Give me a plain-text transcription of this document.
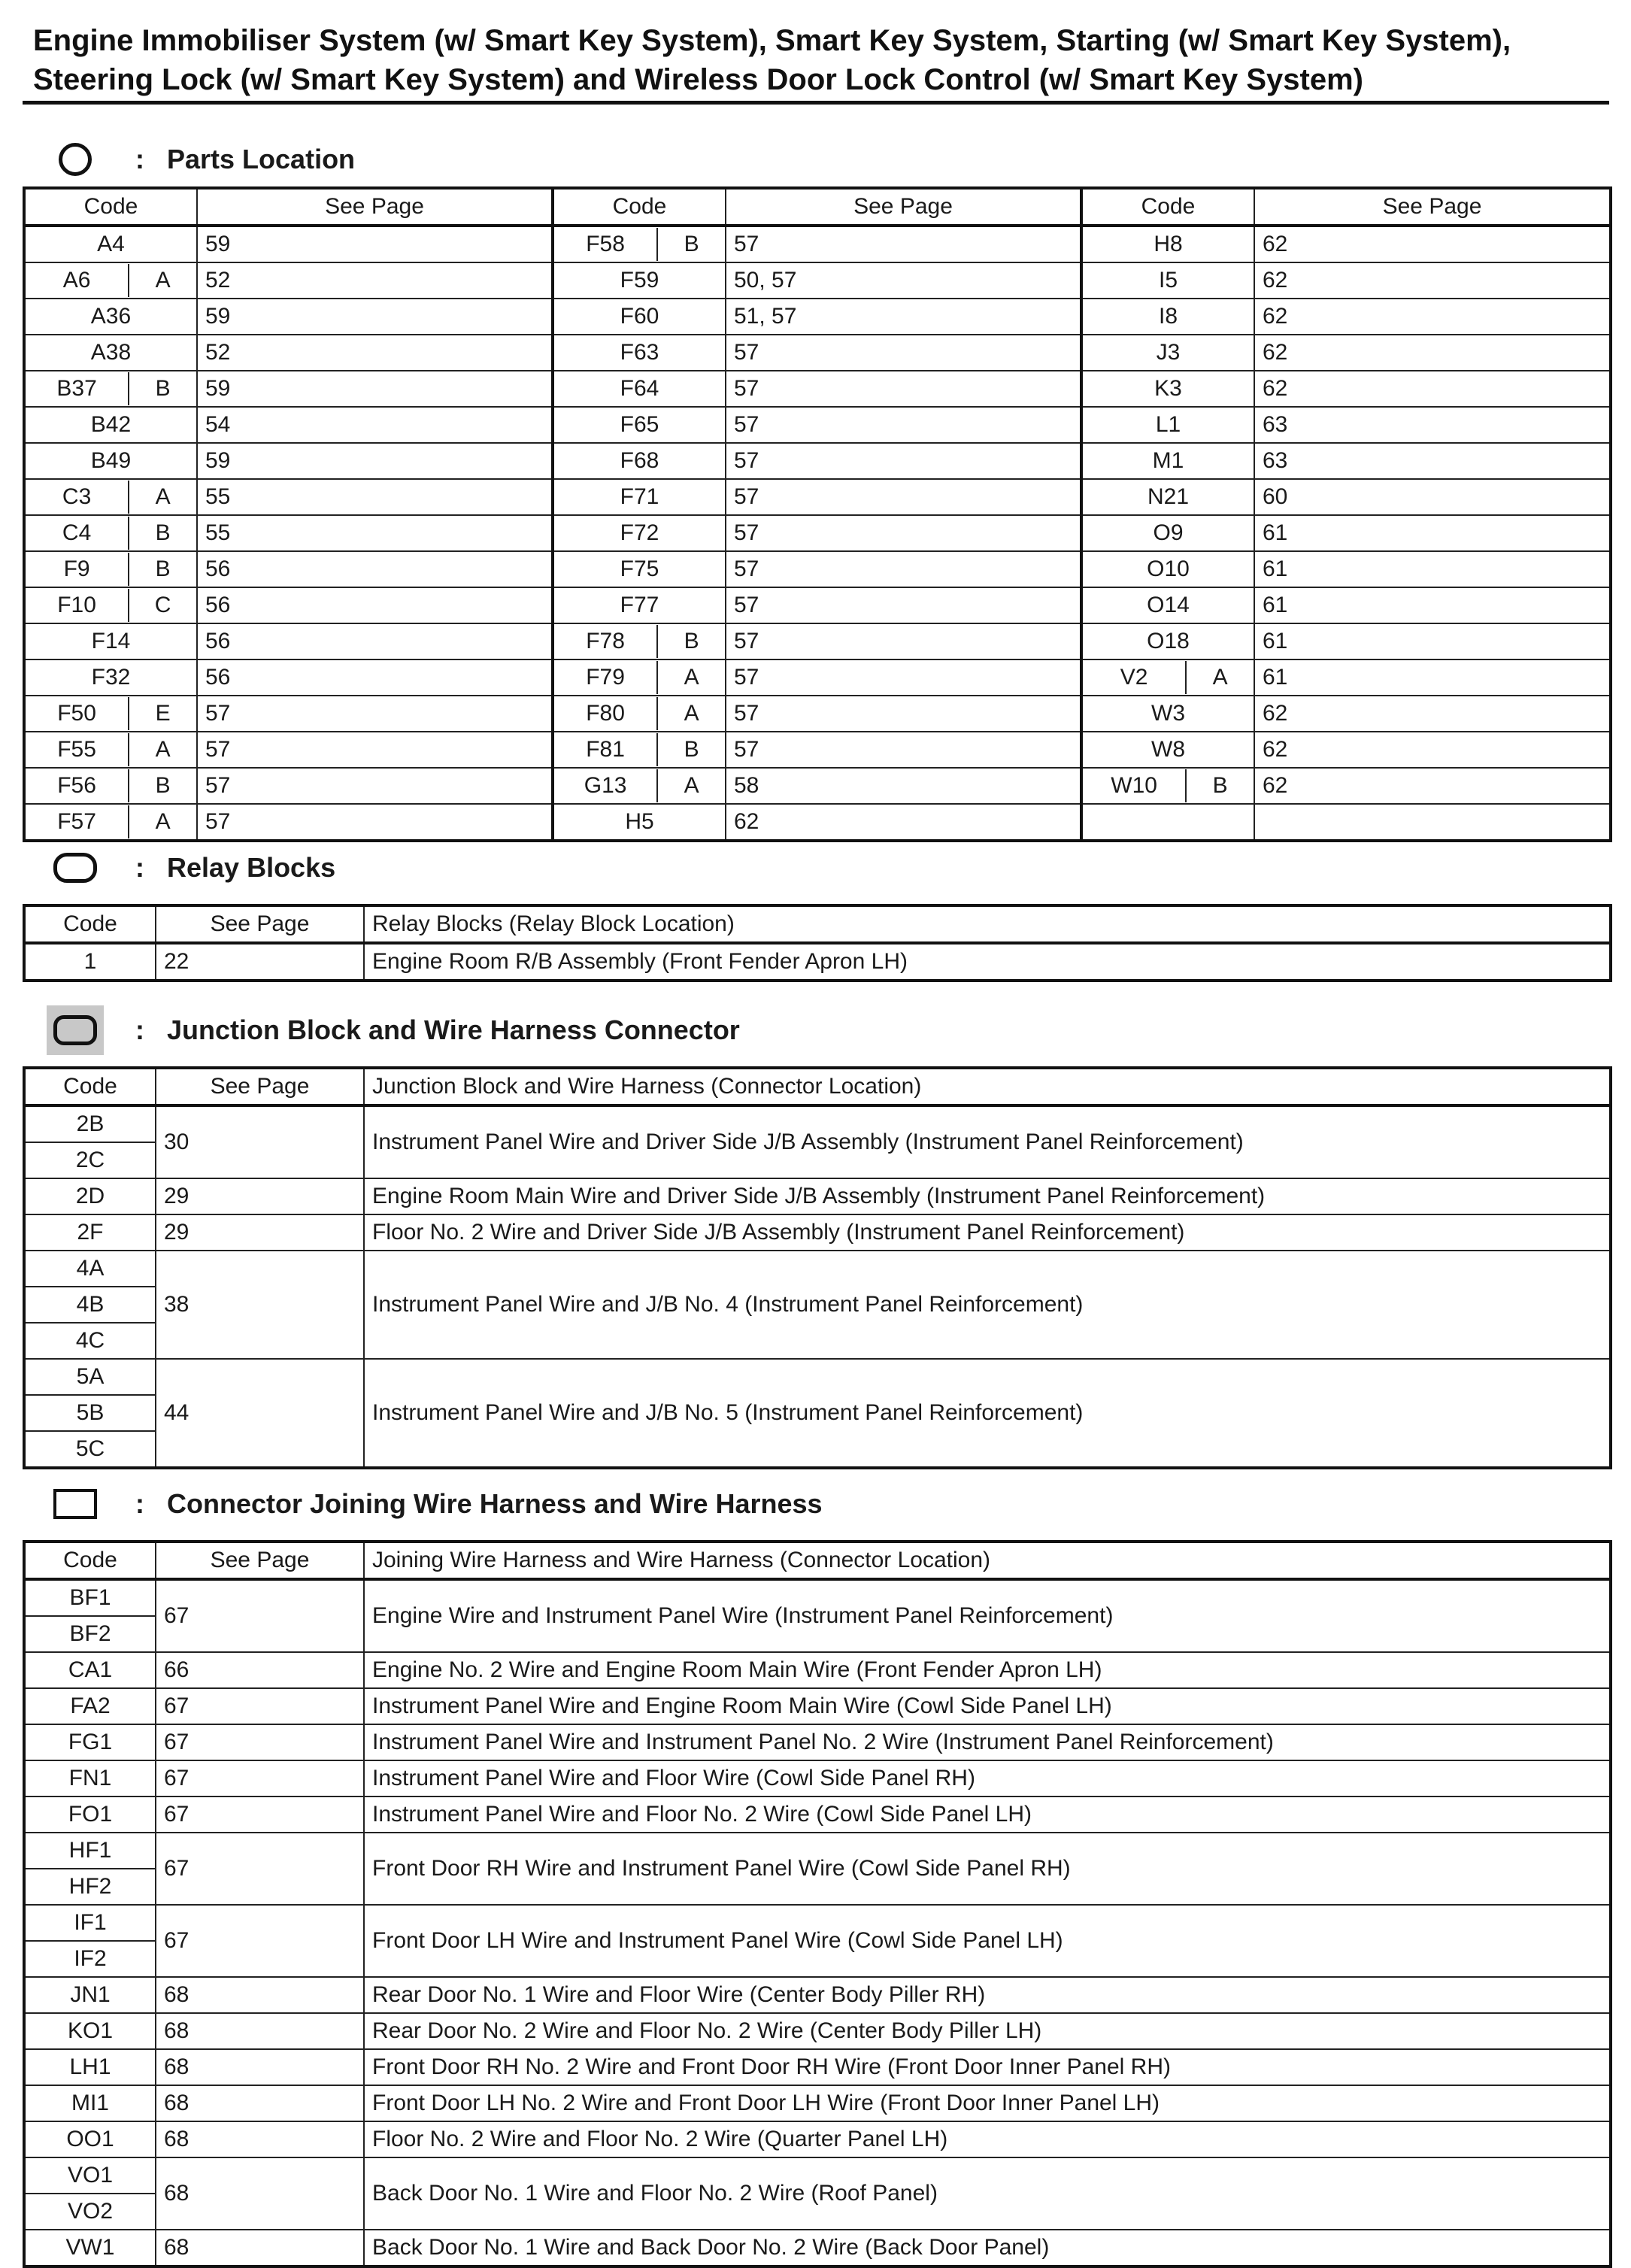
Engine Immobiliser System (w/ Smart Key System), Smart Key System, Starting (w/ Smart Key System),
Steering Lock (w/ Smart Key System) and Wireless Door Lock Control (w/ Smart Key System)
: Parts Location
Code	See Page	Code	See Page	Code	See Page

A4	59	F58 B	57	H8	62

A6 A	52	F59	50, 57	I5	62

A36	59	F60	51, 57	I8	62

A38	52	F63	57	J3	62

B37 B	59	F64	57	K3	62

B42	54	F65	57	L1	63

B49	59	F68	57	M1	63

C3 A	55	F71	57	N21	60

C4 B	55	F72	57	O9	61

F9 B	56	F75	57	O10	61

F10 C	56	F77	57	O14	61

F14	56	F78 B	57	O18	61

F32	56	F79 A	57	V2 A	61

F50 E	57	F80 A	57	W3	62

F55 A	57	F81 B	57	W8	62

F56 B	57	G13 A	58	W10 B	62

F57 A	57	H5	62	

: Relay Blocks
Code	See Page	Relay Blocks (Relay Block Location)
1	22	Engine Room R/B Assembly (Front Fender Apron LH)
: Junction Block and Wire Harness Connector
Code	See Page	Junction Block and Wire Harness (Connector Location)
2B	30	Instrument Panel Wire and Driver Side J/B Assembly (Instrument Panel Reinforcement)
2C		
2D	29	Engine Room Main Wire and Driver Side J/B Assembly (Instrument Panel Reinforcement)
2F	29	Floor No. 2 Wire and Driver Side J/B Assembly (Instrument Panel Reinforcement)
4A	38	Instrument Panel Wire and J/B No. 4 (Instrument Panel Reinforcement)
4B		
4C		
5A	44	Instrument Panel Wire and J/B No. 5 (Instrument Panel Reinforcement)
5B		
5C		
: Connector Joining Wire Harness and Wire Harness
Code	See Page	Joining Wire Harness and Wire Harness (Connector Location)
BF1	67	Engine Wire and Instrument Panel Wire (Instrument Panel Reinforcement)
BF2		
CA1	66	Engine No. 2 Wire and Engine Room Main Wire (Front Fender Apron LH)
FA2	67	Instrument Panel Wire and Engine Room Main Wire (Cowl Side Panel LH)
FG1	67	Instrument Panel Wire and Instrument Panel No. 2 Wire (Instrument Panel Reinforcement)
FN1	67	Instrument Panel Wire and Floor Wire (Cowl Side Panel RH)
FO1	67	Instrument Panel Wire and Floor No. 2 Wire (Cowl Side Panel LH)
HF1	67	Front Door RH Wire and Instrument Panel Wire (Cowl Side Panel RH)
HF2		
IF1	67	Front Door LH Wire and Instrument Panel Wire (Cowl Side Panel LH)
IF2		
JN1	68	Rear Door No. 1 Wire and Floor Wire (Center Body Piller RH)
KO1	68	Rear Door No. 2 Wire and Floor No. 2 Wire (Center Body Piller LH)
LH1	68	Front Door RH No. 2 Wire and Front Door RH Wire (Front Door Inner Panel RH)
MI1	68	Front Door LH No. 2 Wire and Front Door LH Wire (Front Door Inner Panel LH)
OO1	68	Floor No. 2 Wire and Floor No. 2 Wire (Quarter Panel LH)
VO1	68	Back Door No. 1 Wire and Floor No. 2 Wire (Roof Panel)
VO2		
VW1	68	Back Door No. 1 Wire and Back Door No. 2 Wire (Back Door Panel)
